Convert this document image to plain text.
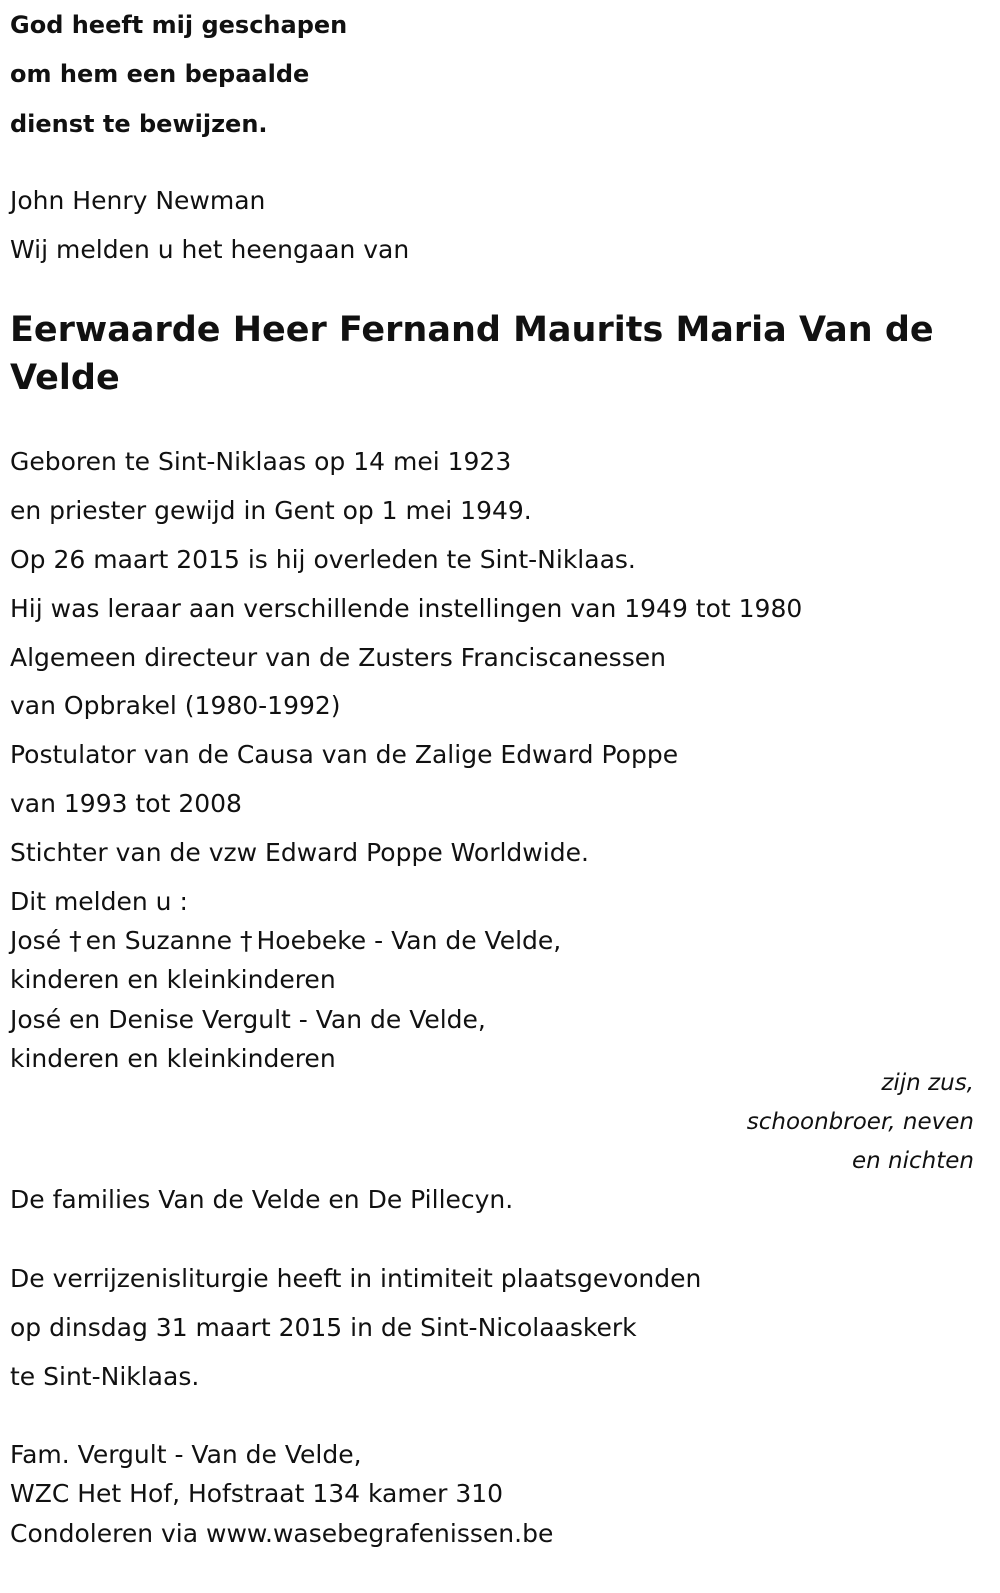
God heeft mij geschapen
om hem een bepaalde
dienst te bewijzen.
John Henry Newman
Wij melden u het heengaan van
Eerwaarde Heer Fernand Maurits Maria Van de Velde
Geboren te Sint-Niklaas op 14 mei 1923
en priester gewijd in Gent op 1 mei 1949.
Op 26 maart 2015 is hij overleden te Sint-Niklaas.
Hij was leraar aan verschillende instellingen van 1949 tot 1980
Algemeen directeur van de Zusters Franciscanessen
van Opbrakel (1980-1992)
Postulator van de Causa van de Zalige Edward Poppe
van 1993 tot 2008
Stichter van de vzw Edward Poppe Worldwide.
Dit melden u :
José † en Suzanne † Hoebeke - Van de Velde,
kinderen en kleinkinderen
José en Denise Vergult - Van de Velde,
kinderen en kleinkinderen
zijn zus,
schoonbroer, neven
en nichten
De families Van de Velde en De Pillecyn.
De verrijzenisliturgie heeft in intimiteit plaatsgevonden
op dinsdag 31 maart 2015 in de Sint-Nicolaaskerk
te Sint-Niklaas.
Fam. Vergult - Van de Velde,
WZC Het Hof, Hofstraat 134 kamer 310
Condoleren via www.wasebegrafenissen.be
